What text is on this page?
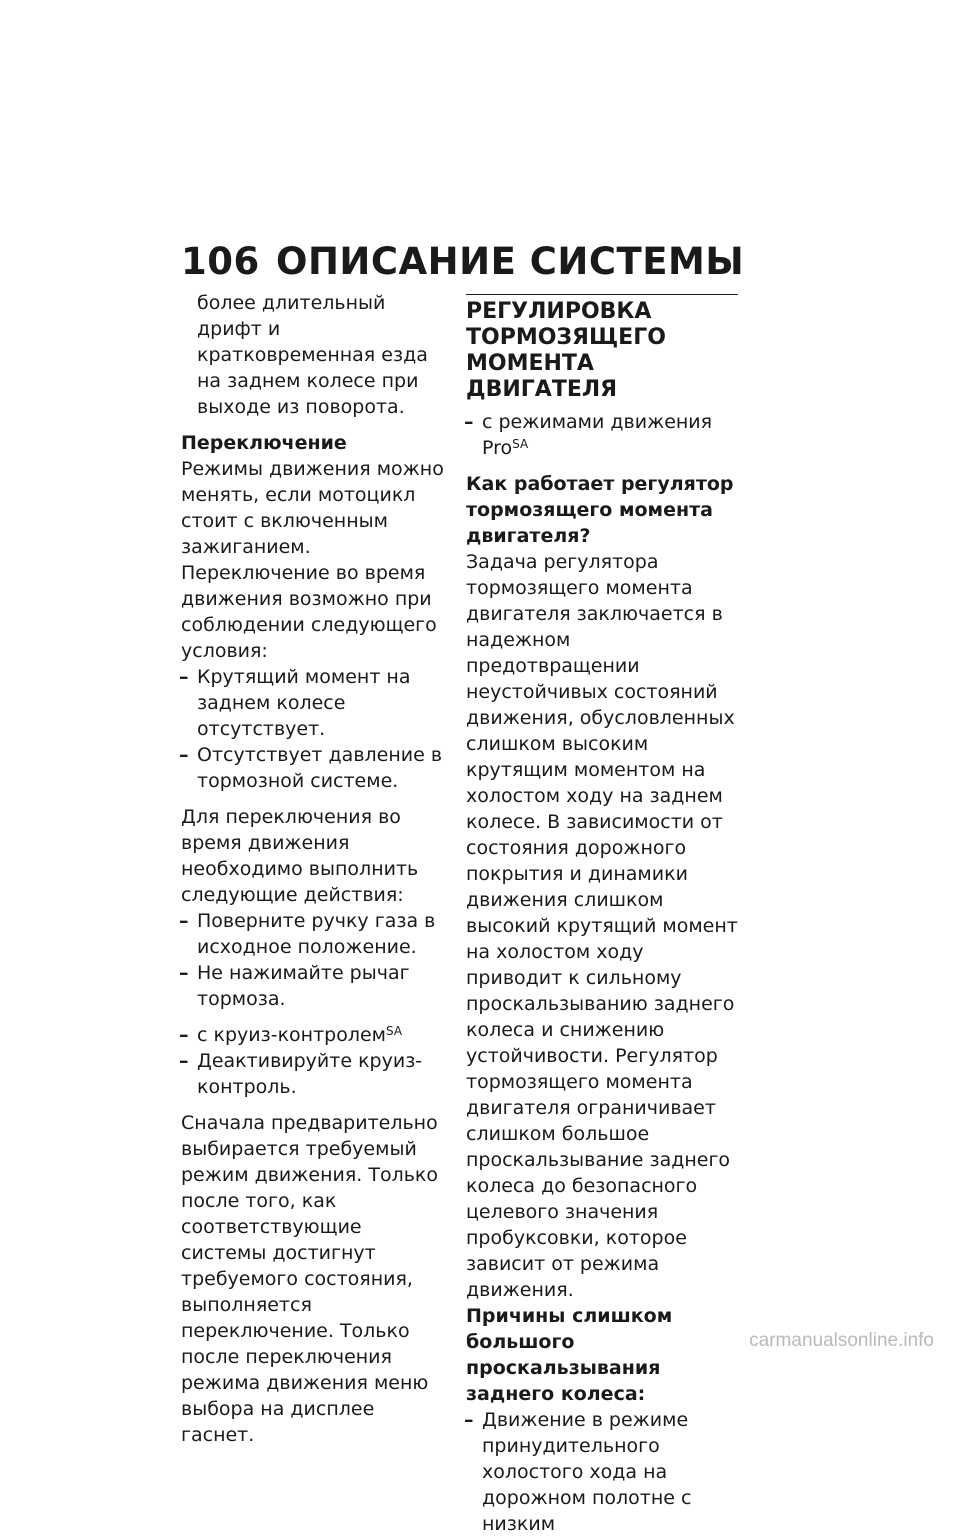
106 ОПИСАНИЕ СИСТЕМЫ

более длительный дрифт и кратковременная езда на заднем колесе при выходе из поворота.

Переключение

Режимы движения можно менять, если мотоцикл стоит с включенным зажиганием. Переключение во время движения возможно при соблюдении следующего условия:

– Крутящий момент на заднем колесе отсутствует.

– Отсутствует давление в тормозной системе.

Для переключения во время движения необходимо выполнить следующие действия:

– Поверните ручку газа в исходное положение.

– Не нажимайте рычаг тормоза.

– с круиз-контролем$^{SA}$

– Деактивируйте круиз-контроль.

Сначала предварительно выбирается требуемый режим движения. Только после того, как соответствующие системы достигнут требуемого состояния, выполняется переключение. Только после переключения режима движения меню выбора на дисплее гаснет.

РЕГУЛИРОВКА ТОРМОЗЯЩЕГО МОМЕНТА ДВИГАТЕЛЯ

– с режимами движения Pro$^{SA}$

Как работает регулятор тормозящего момента двигателя?

Задача регулятора тормозящего момента двигателя заключается в надежном предотвращении неустойчивых состояний движения, обусловленных слишком высоким крутящим моментом на холостом ходу на заднем колесе. В зависимости от состояния дорожного покрытия и динамики движения слишком высокий крутящий момент на холостом ходу приводит к сильному проскальзыванию заднего колеса и снижению устойчивости. Регулятор тормозящего момента двигателя ограничивает слишком большое проскальзывание заднего колеса до безопасного целевого значения пробуксовки, которое зависит от режима движения.

Причины слишком большого проскальзывания заднего колеса:

– Движение в режиме принудительного холостого хода на дорожном полотне с низким

carmanualsonline.info
